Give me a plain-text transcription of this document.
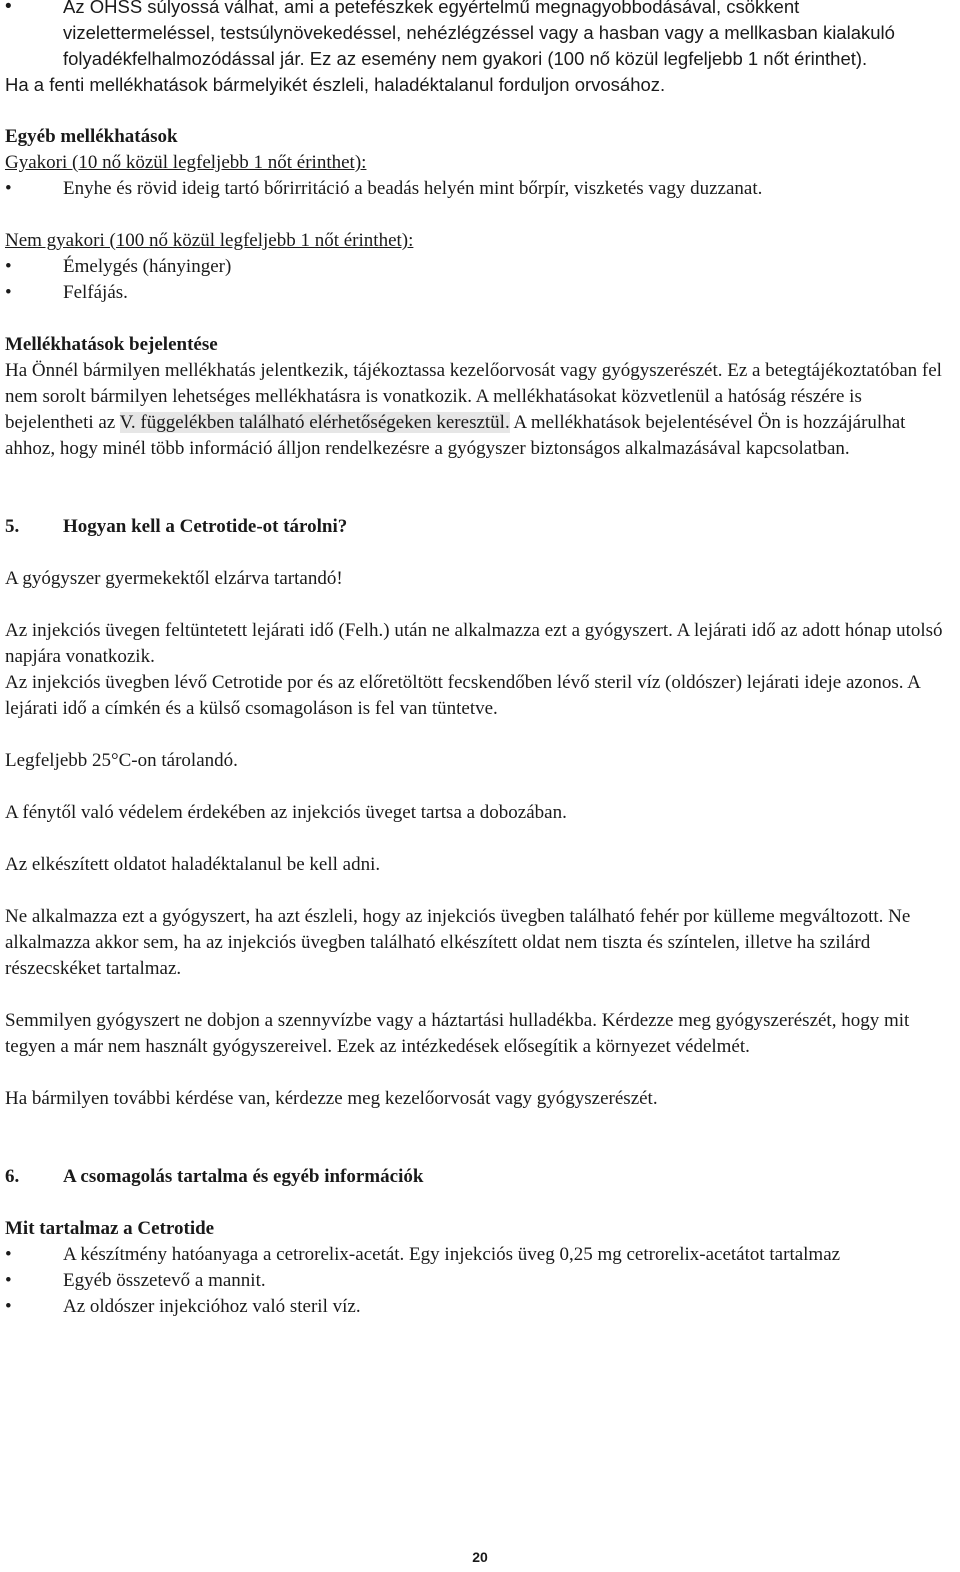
• Az OHSS súlyossá válhat, ami a petefészkek egyértelmű megnagyobbodásával, csökkent vizelettermeléssel, testsúlynövekedéssel, nehézlégzéssel vagy a hasban vagy a mellkasban kialakuló folyadékfelhalmozódással jár. Ez az esemény nem gyakori (100 nő közül legfeljebb 1 nőt érinthet).

Ha a fenti mellékhatások bármelyikét észleli, haladéktalanul forduljon orvosához.

Egyéb mellékhatások

Gyakori (10 nő közül legfeljebb 1 nőt érinthet):

• Enyhe és rövid ideig tartó bőrirritáció a beadás helyén mint bőrpír, viszketés vagy duzzanat.

Nem gyakori (100 nő közül legfeljebb 1 nőt érinthet):

• Émelygés (hányinger)
• Felfájás.

Mellékhatások bejelentése

Ha Önnél bármilyen mellékhatás jelentkezik, tájékoztassa kezelőorvosát vagy gyógyszerészét. Ez a betegtájékoztatóban fel nem sorolt bármilyen lehetséges mellékhatásra is vonatkozik. A mellékhatásokat közvetlenül a hatóság részére is bejelentheti az V. függelékben található elérhetőségeken keresztül. A mellékhatások bejelentésével Ön is hozzájárulhat ahhoz, hogy minél több információ álljon rendelkezésre a gyógyszer biztonságos alkalmazásával kapcsolatban.

5. Hogyan kell a Cetrotide-ot tárolni?

A gyógyszer gyermekektől elzárva tartandó!

Az injekciós üvegen feltüntetett lejárati idő (Felh.) után ne alkalmazza ezt a gyógyszert. A lejárati idő az adott hónap utolsó napjára vonatkozik.

Az injekciós üvegben lévő Cetrotide por és az előretöltött fecskendőben lévő steril víz (oldószer) lejárati ideje azonos. A lejárati idő a címkén és a külső csomagoláson is fel van tüntetve.

Legfeljebb 25°C-on tárolandó.

A fénytől való védelem érdekében az injekciós üveget tartsa a dobozában.

Az elkészített oldatot haladéktalanul be kell adni.

Ne alkalmazza ezt a gyógyszert, ha azt észleli, hogy az injekciós üvegben található fehér por külleme megváltozott. Ne alkalmazza akkor sem, ha az injekciós üvegben található elkészített oldat nem tiszta és színtelen, illetve ha szilárd részecskéket tartalmaz.

Semmilyen gyógyszert ne dobjon a szennyvízbe vagy a háztartási hulladékba. Kérdezze meg gyógyszerészét, hogy mit tegyen a már nem használt gyógyszereivel. Ezek az intézkedések elősegítik a környezet védelmét.

Ha bármilyen további kérdése van, kérdezze meg kezelőorvosát vagy gyógyszerészét.

6. A csomagolás tartalma és egyéb információk

Mit tartalmaz a Cetrotide

• A készítmény hatóanyaga a cetrorelix-acetát. Egy injekciós üveg 0,25 mg cetrorelix-acetátot tartalmaz
• Egyéb összetevő a mannit.
• Az oldószer injekcióhoz való steril víz.
20
